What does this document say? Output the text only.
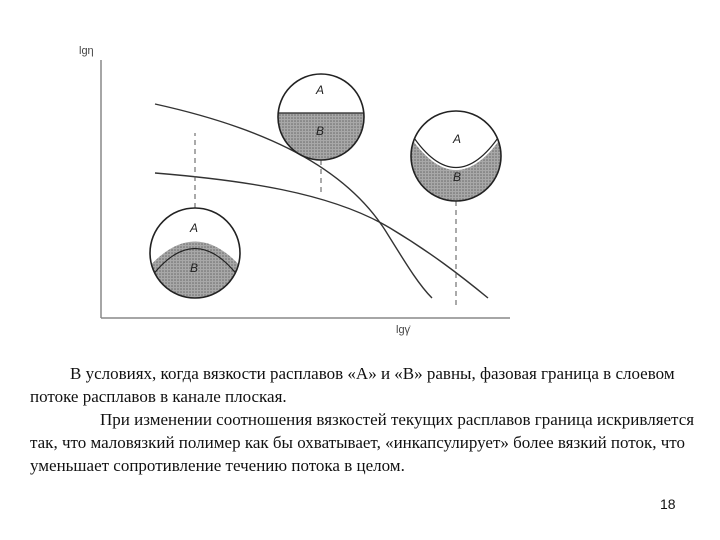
lgη
lgγ̇
A
B
A
B
A
B

В условиях, когда вязкости расплавов «А» и «В» равны, фазовая граница в слоевом потоке расплавов в канале плоская.

При изменении соотношения вязкостей текущих расплавов граница искривляется так, что маловязкий полимер как бы охватывает, «инкапсулирует» более вязкий поток, что уменьшает сопротивление течению потока в целом.

18
